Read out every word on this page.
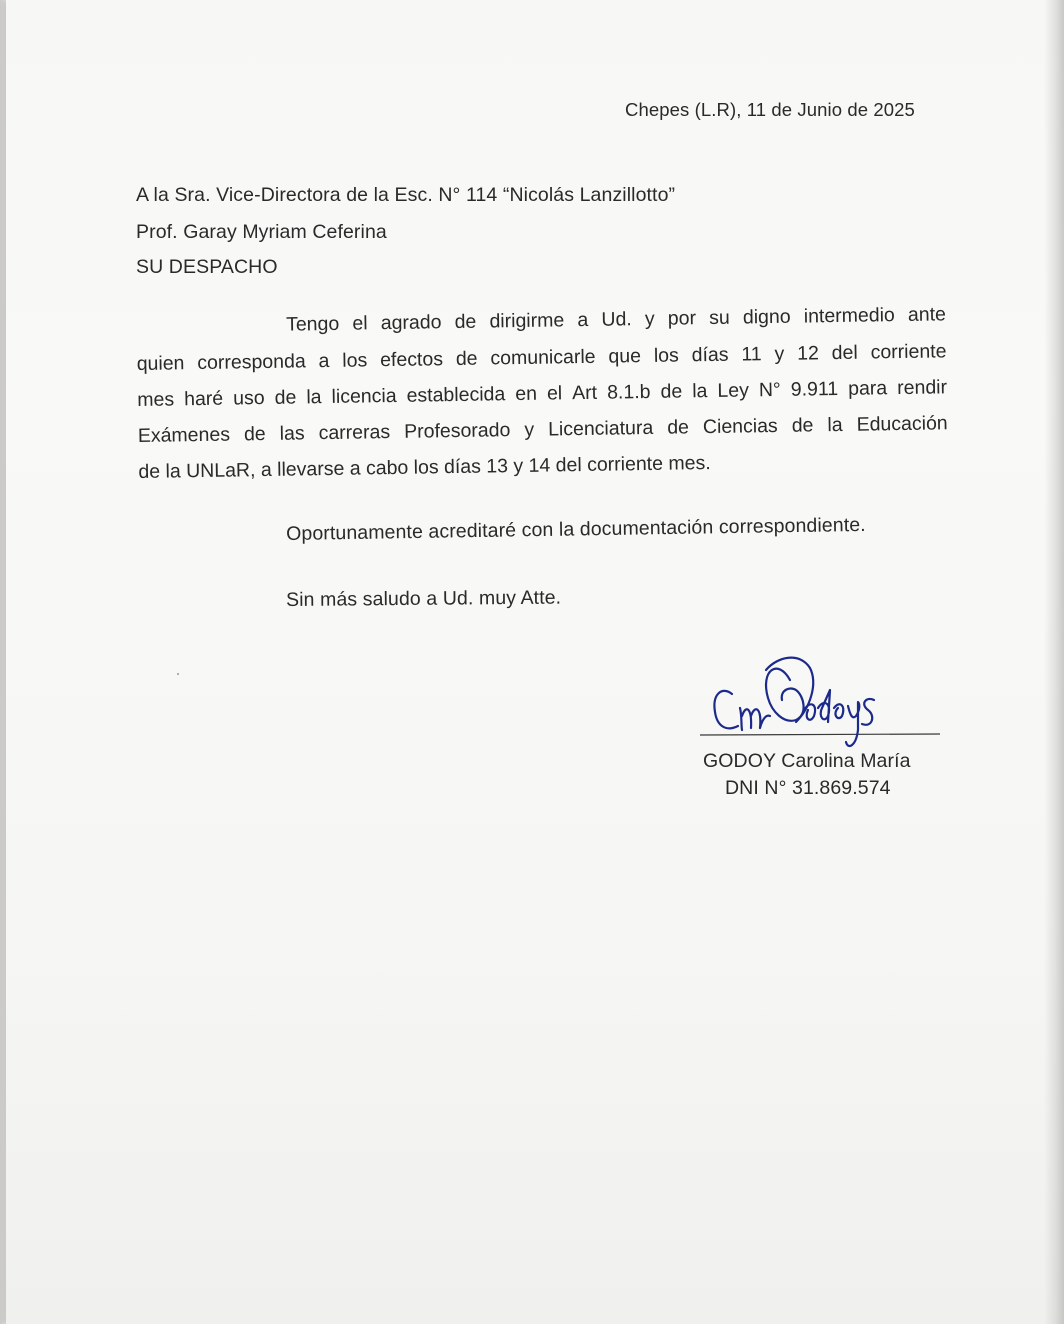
Chepes (L.R), 11 de Junio de 2025
A la Sra. Vice-Directora de la Esc. N° 114 “Nicolás Lanzillotto”
Prof. Garay Myriam Ceferina
SU DESPACHO
Tengo el agrado de dirigirme a Ud. y por su digno intermedio ante
quien corresponda a los efectos de comunicarle que los días 11 y 12 del corriente
mes haré uso de la licencia establecida en el Art 8.1.b de la Ley N° 9.911 para rendir
Exámenes de las carreras Profesorado y Licenciatura de Ciencias de la Educación
de la UNLaR, a llevarse a cabo los días 13 y 14 del corriente mes.
Oportunamente acreditaré con la documentación correspondiente.
Sin más saludo a Ud. muy Atte.
GODOY Carolina María
DNI N° 31.869.574
